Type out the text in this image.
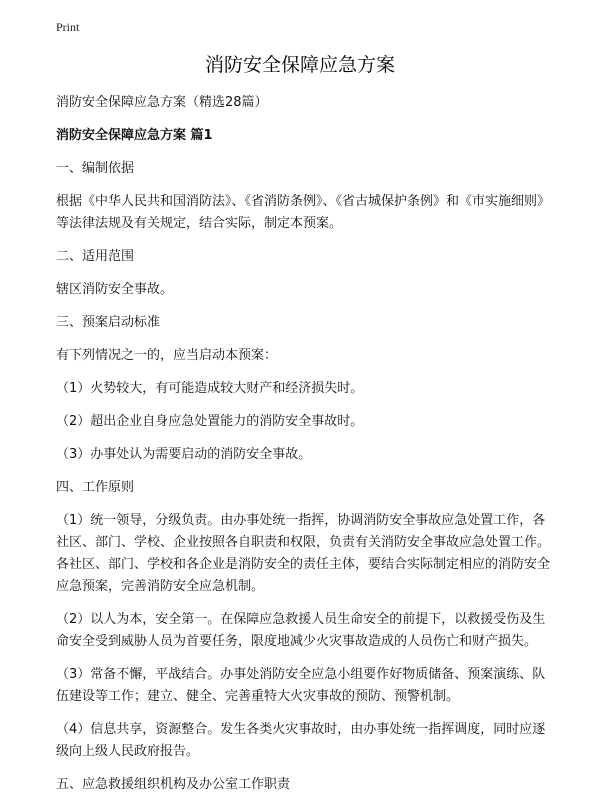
Print
消防安全保障应急方案

消防安全保障应急方案（精选28篇）

消防安全保障应急方案 篇1

一、编制依据

根据《中华人民共和国消防法》、《省消防条例》、《省古城保护条例》和《市实施细则》等法律法规及有关规定，结合实际，制定本预案。

二、适用范围

辖区消防安全事故。

三、预案启动标准

有下列情况之一的，应当启动本预案：

（1）火势较大，有可能造成较大财产和经济损失时。

（2）超出企业自身应急处置能力的消防安全事故时。

（3）办事处认为需要启动的消防安全事故。

四、工作原则

（1）统一领导，分级负责。由办事处统一指挥，协调消防安全事故应急处置工作，各社区、部门、学校、企业按照各自职责和权限，负责有关消防安全事故应急处置工作。各社区、部门、学校和各企业是消防安全的责任主体，要结合实际制定相应的消防安全应急预案，完善消防安全应急机制。

（2）以人为本，安全第一。在保障应急救援人员生命安全的前提下，以救援受伤及生命安全受到威胁人员为首要任务，限度地减少火灾事故造成的人员伤亡和财产损失。

（3）常备不懈，平战结合。办事处消防安全应急小组要作好物质储备、预案演练、队伍建设等工作；建立、健全、完善重特大火灾事故的预防、预警机制。

（4）信息共享，资源整合。发生各类火灾事故时，由办事处统一指挥调度，同时应逐级向上级人民政府报告。

五、应急救援组织机构及办公室工作职责
